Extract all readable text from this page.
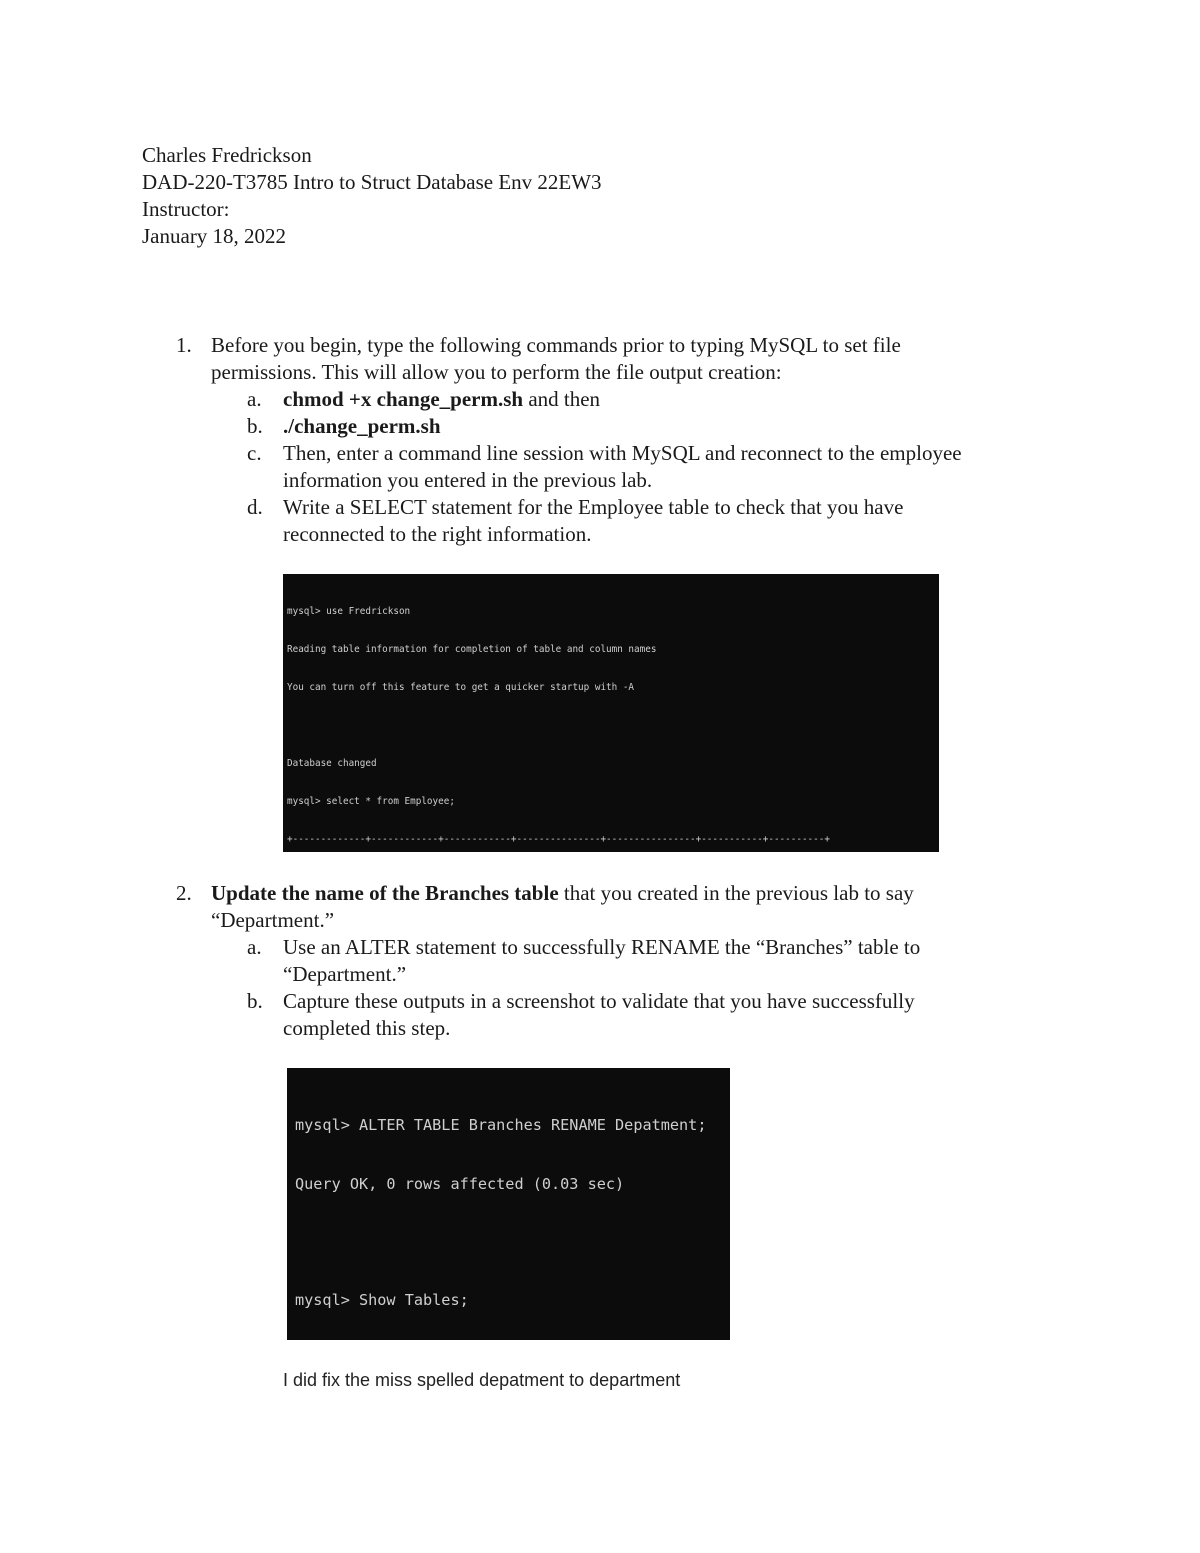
Charles Fredrickson
DAD-220-T3785 Intro to Struct Database Env 22EW3
Instructor:
January 18, 2022
1. Before you begin, type the following commands prior to typing MySQL to set file
permissions. This will allow you to perform the file output creation:
a. chmod +x change_perm.sh and then
b. ./change_perm.sh
c. Then, enter a command line session with MySQL and reconnect to the employee
information you entered in the previous lab.
d. Write a SELECT statement for the Employee table to check that you have
reconnected to the right information.

mysql> use Fredrickson

Reading table information for completion of table and column names

You can turn off this feature to get a quicker startup with -A

Database changed

mysql> select * from Employee;

+-------------+------------+------------+---------------+----------------+-----------+----------+

2. Update the name of the Branches table that you created in the previous lab to say
“Department.”
a. Use an ALTER statement to successfully RENAME the “Branches” table to
“Department.”
b. Capture these outputs in a screenshot to validate that you have successfully
completed this step.

mysql> ALTER TABLE Branches RENAME Depatment;

Query OK, 0 rows affected (0.03 sec)

mysql> Show Tables;

I did fix the miss spelled depatment to department
